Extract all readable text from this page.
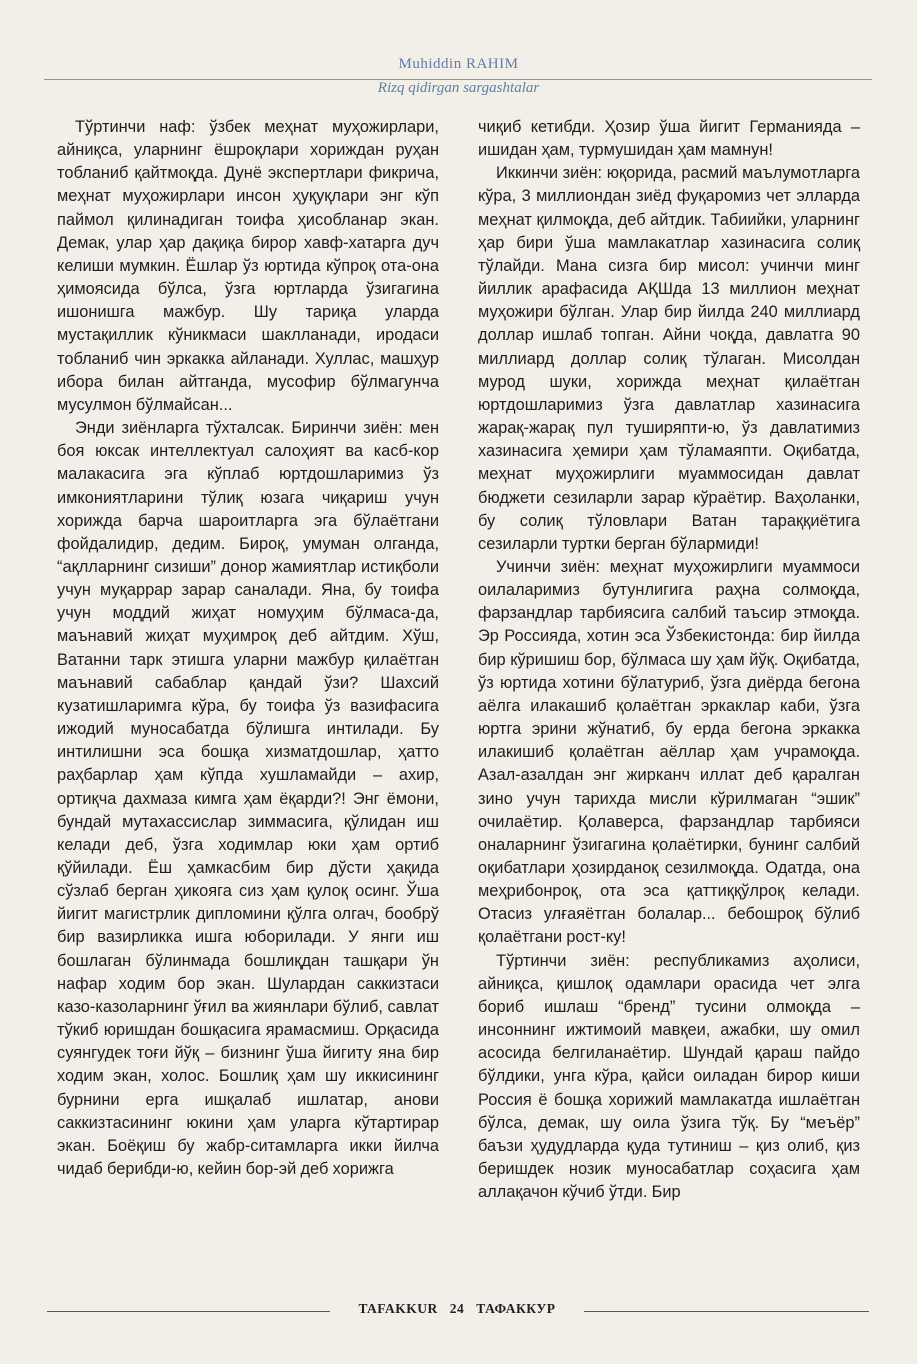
Muhiddin RAHIM
Rizq qidirgan sargashtalar

Тўртинчи наф: ўзбек меҳнат муҳожирлари, айниқса, уларнинг ёшроқлари хориждан руҳан тобланиб қайтмоқда. Дунё экспертлари фикрича, меҳнат муҳожирлари инсон ҳуқуқлари энг кўп паймол қилинадиган тоифа ҳисобланар экан. Демак, улар ҳар дақиқа бирор хавф-хатарга дуч келиши мумкин. Ёшлар ўз юртида кўпроқ ота-она ҳимоясида бўлса, ўзга юртларда ўзигагина ишонишга мажбур. Шу тариқа уларда мустақиллик кўникмаси шаклланади, иродаси тобланиб чин эркакка айланади. Хуллас, машҳур ибора билан айтганда, мусофир бўлмагунча мусулмон бўлмайсан...

Энди зиёнларга тўхталсак. Биринчи зиён: мен боя юксак интеллектуал салоҳият ва касб-кор малакасига эга кўплаб юртдошларимиз ўз имкониятларини тўлиқ юзага чиқариш учун хорижда барча шароитларга эга бўлаётгани фойдалидир, дедим. Бироқ, умуман олганда, “ақлларнинг сизиши” донор жамиятлар истиқболи учун муқаррар зарар саналади. Яна, бу тоифа учун моддий жиҳат номуҳим бўлмаса-да, маънавий жиҳат муҳимроқ деб айтдим. Хўш, Ватанни тарк этишга уларни мажбур қилаётган маънавий сабаблар қандай ўзи? Шахсий кузатишларимга кўра, бу тоифа ўз вазифасига ижодий муносабатда бўлишга интилади. Бу интилишни эса бошқа хизматдошлар, ҳатто раҳбарлар ҳам кўпда хушламайди – ахир, ортиқча дахмаза кимга ҳам ёқарди?! Энг ёмони, бундай мутахассислар зиммасига, қўлидан иш келади деб, ўзга ходимлар юки ҳам ортиб қўйилади. Ёш ҳамкасбим бир дўсти ҳақида сўзлаб берган ҳикояга сиз ҳам қулоқ осинг. Ўша йигит магистрлик дипломини қўлга олгач, бообрў бир вазирликка ишга юборилади. У янги иш бошлаган бўлинмада бошлиқдан ташқари ўн нафар ходим бор экан. Шулардан саккизтаси казо-казоларнинг ўғил ва жиянлари бўлиб, савлат тўкиб юришдан бошқасига ярамасмиш. Орқасида суянгудек тоғи йўқ – бизнинг ўша йигиту яна бир ходим экан, холос. Бошлиқ ҳам шу иккисининг бурнини ерга ишқалаб ишлатар, анови саккизтасининг юкини ҳам уларга кўтартирар экан. Боёқиш бу жабр-ситамларга икки йилча чидаб берибди-ю, кейин бор-эй деб хорижга

чиқиб кетибди. Ҳозир ўша йигит Германияда – ишидан ҳам, турмушидан ҳам мамнун!

Иккинчи зиён: юқорида, расмий маълумотларга кўра, 3 миллиондан зиёд фуқаромиз чет элларда меҳнат қилмоқда, деб айтдик. Табиийки, уларнинг ҳар бири ўша мамлакатлар хазинасига солиқ тўлайди. Мана сизга бир мисол: учинчи минг йиллик арафасида АҚШда 13 миллион меҳнат муҳожири бўлган. Улар бир йилда 240 миллиард доллар ишлаб топган. Айни чоқда, давлатга 90 миллиард доллар солиқ тўлаган. Мисолдан мурод шуки, хорижда меҳнат қилаётган юртдошларимиз ўзга давлатлар хазинасига жарақ-жарақ пул туширяпти-ю, ўз давлатимиз хазинасига ҳемири ҳам тўламаяпти. Оқибатда, меҳнат муҳожирлиги муаммосидан давлат бюджети сезиларли зарар кўраётир. Ваҳоланки, бу солиқ тўловлари Ватан тараққиётига сезиларли туртки берган бўлармиди!

Учинчи зиён: меҳнат муҳожирлиги муаммоси оилаларимиз бутунлигига раҳна солмоқда, фарзандлар тарбиясига салбий таъсир этмоқда. Эр Россияда, хотин эса Ўзбекистонда: бир йилда бир кўришиш бор, бўлмаса шу ҳам йўқ. Оқибатда, ўз юртида хотини бўлатуриб, ўзга диёрда бегона аёлга илакашиб қолаётган эркаклар каби, ўзга юртга эрини жўнатиб, бу ерда бегона эркакка илакишиб қолаётган аёллар ҳам учрамоқда. Азал-азалдан энг жирканч иллат деб қаралган зино учун тарихда мисли кўрилмаган “эшик” очилаётир. Қолаверса, фарзандлар тарбияси оналарнинг ўзигагина қолаётирки, бунинг салбий оқибатлари ҳозирданоқ сезилмоқда. Одатда, она меҳрибонроқ, ота эса қаттиққўлроқ келади. Отасиз улғаяётган болалар... бебошроқ бўлиб қолаётгани рост-ку!

Тўртинчи зиён: республикамиз аҳолиси, айниқса, қишлоқ одамлари орасида чет элга бориб ишлаш “бренд” тусини олмоқда – инсоннинг ижтимоий мавқеи, ажабки, шу омил асосида белгиланаётир. Шундай қараш пайдо бўлдики, унга кўра, қайси оиладан бирор киши Россия ё бошқа хорижий мамлакатда ишлаётган бўлса, демак, шу оила ўзига тўқ. Бу “меъёр” баъзи ҳудудларда қуда тутиниш – қиз олиб, қиз беришдек нозик муносабатлар соҳасига ҳам аллақачон кўчиб ўтди. Бир

TAFAKKUR 24 ТАФАККУР
